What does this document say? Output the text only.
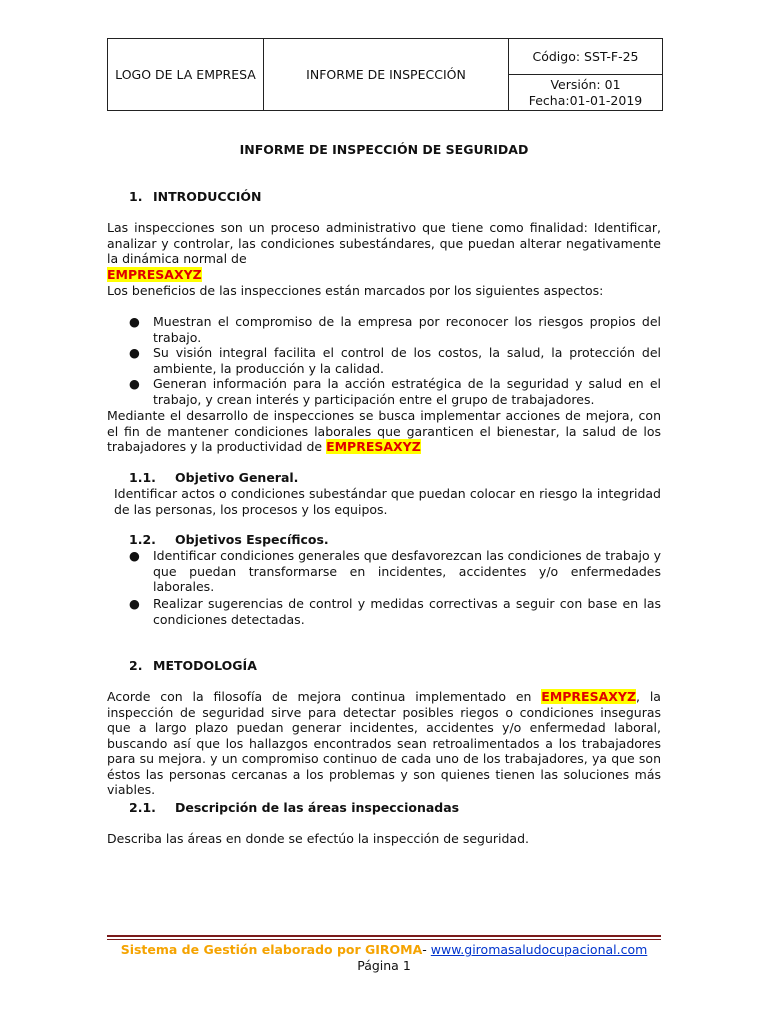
LOGO DE LA EMPRESA	INFORME DE INSPECCIÓN	Código: SST-F-25

Versión: 01
Fecha:01-01-2019
INFORME DE INSPECCIÓN DE SEGURIDAD
1. INTRODUCCIÓN
Las inspecciones son un proceso administrativo que tiene como finalidad: Identificar, analizar y controlar, las condiciones subestándares, que puedan alterar negativamente la dinámica normal de
EMPRESAXYZ
Los beneficios de las inspecciones están marcados por los siguientes aspectos:
● Muestran el compromiso de la empresa por reconocer los riesgos propios del trabajo.
● Su visión integral facilita el control de los costos, la salud, la protección del ambiente, la producción y la calidad.
● Generan información para la acción estratégica de la seguridad y salud en el trabajo, y crean interés y participación entre el grupo de trabajadores.
Mediante el desarrollo de inspecciones se busca implementar acciones de mejora, con el fin de mantener condiciones laborales que garanticen el bienestar, la salud de los trabajadores y la productividad de EMPRESAXYZ
1.1. Objetivo General.
Identificar actos o condiciones subestándar que puedan colocar en riesgo la integridad de las personas, los procesos y los equipos.
1.2. Objetivos Específicos.
● Identificar condiciones generales que desfavorezcan las condiciones de trabajo y que puedan transformarse en incidentes, accidentes y/o enfermedades laborales.
● Realizar sugerencias de control y medidas correctivas a seguir con base en las condiciones detectadas.
2. METODOLOGÍA
Acorde con la filosofía de mejora continua implementado en EMPRESAXYZ, la inspección de seguridad sirve para detectar posibles riegos o condiciones inseguras que a largo plazo puedan generar incidentes, accidentes y/o enfermedad laboral, buscando así que los hallazgos encontrados sean retroalimentados a los trabajadores para su mejora. y un compromiso continuo de cada uno de los trabajadores, ya que son éstos las personas cercanas a los problemas y son quienes tienen las soluciones más viables.
2.1. Descripción de las áreas inspeccionadas
Describa las áreas en donde se efectúo la inspección de seguridad.
Sistema de Gestión elaborado por GIROMA- www.giromasaludocupacional.com
Página 1
